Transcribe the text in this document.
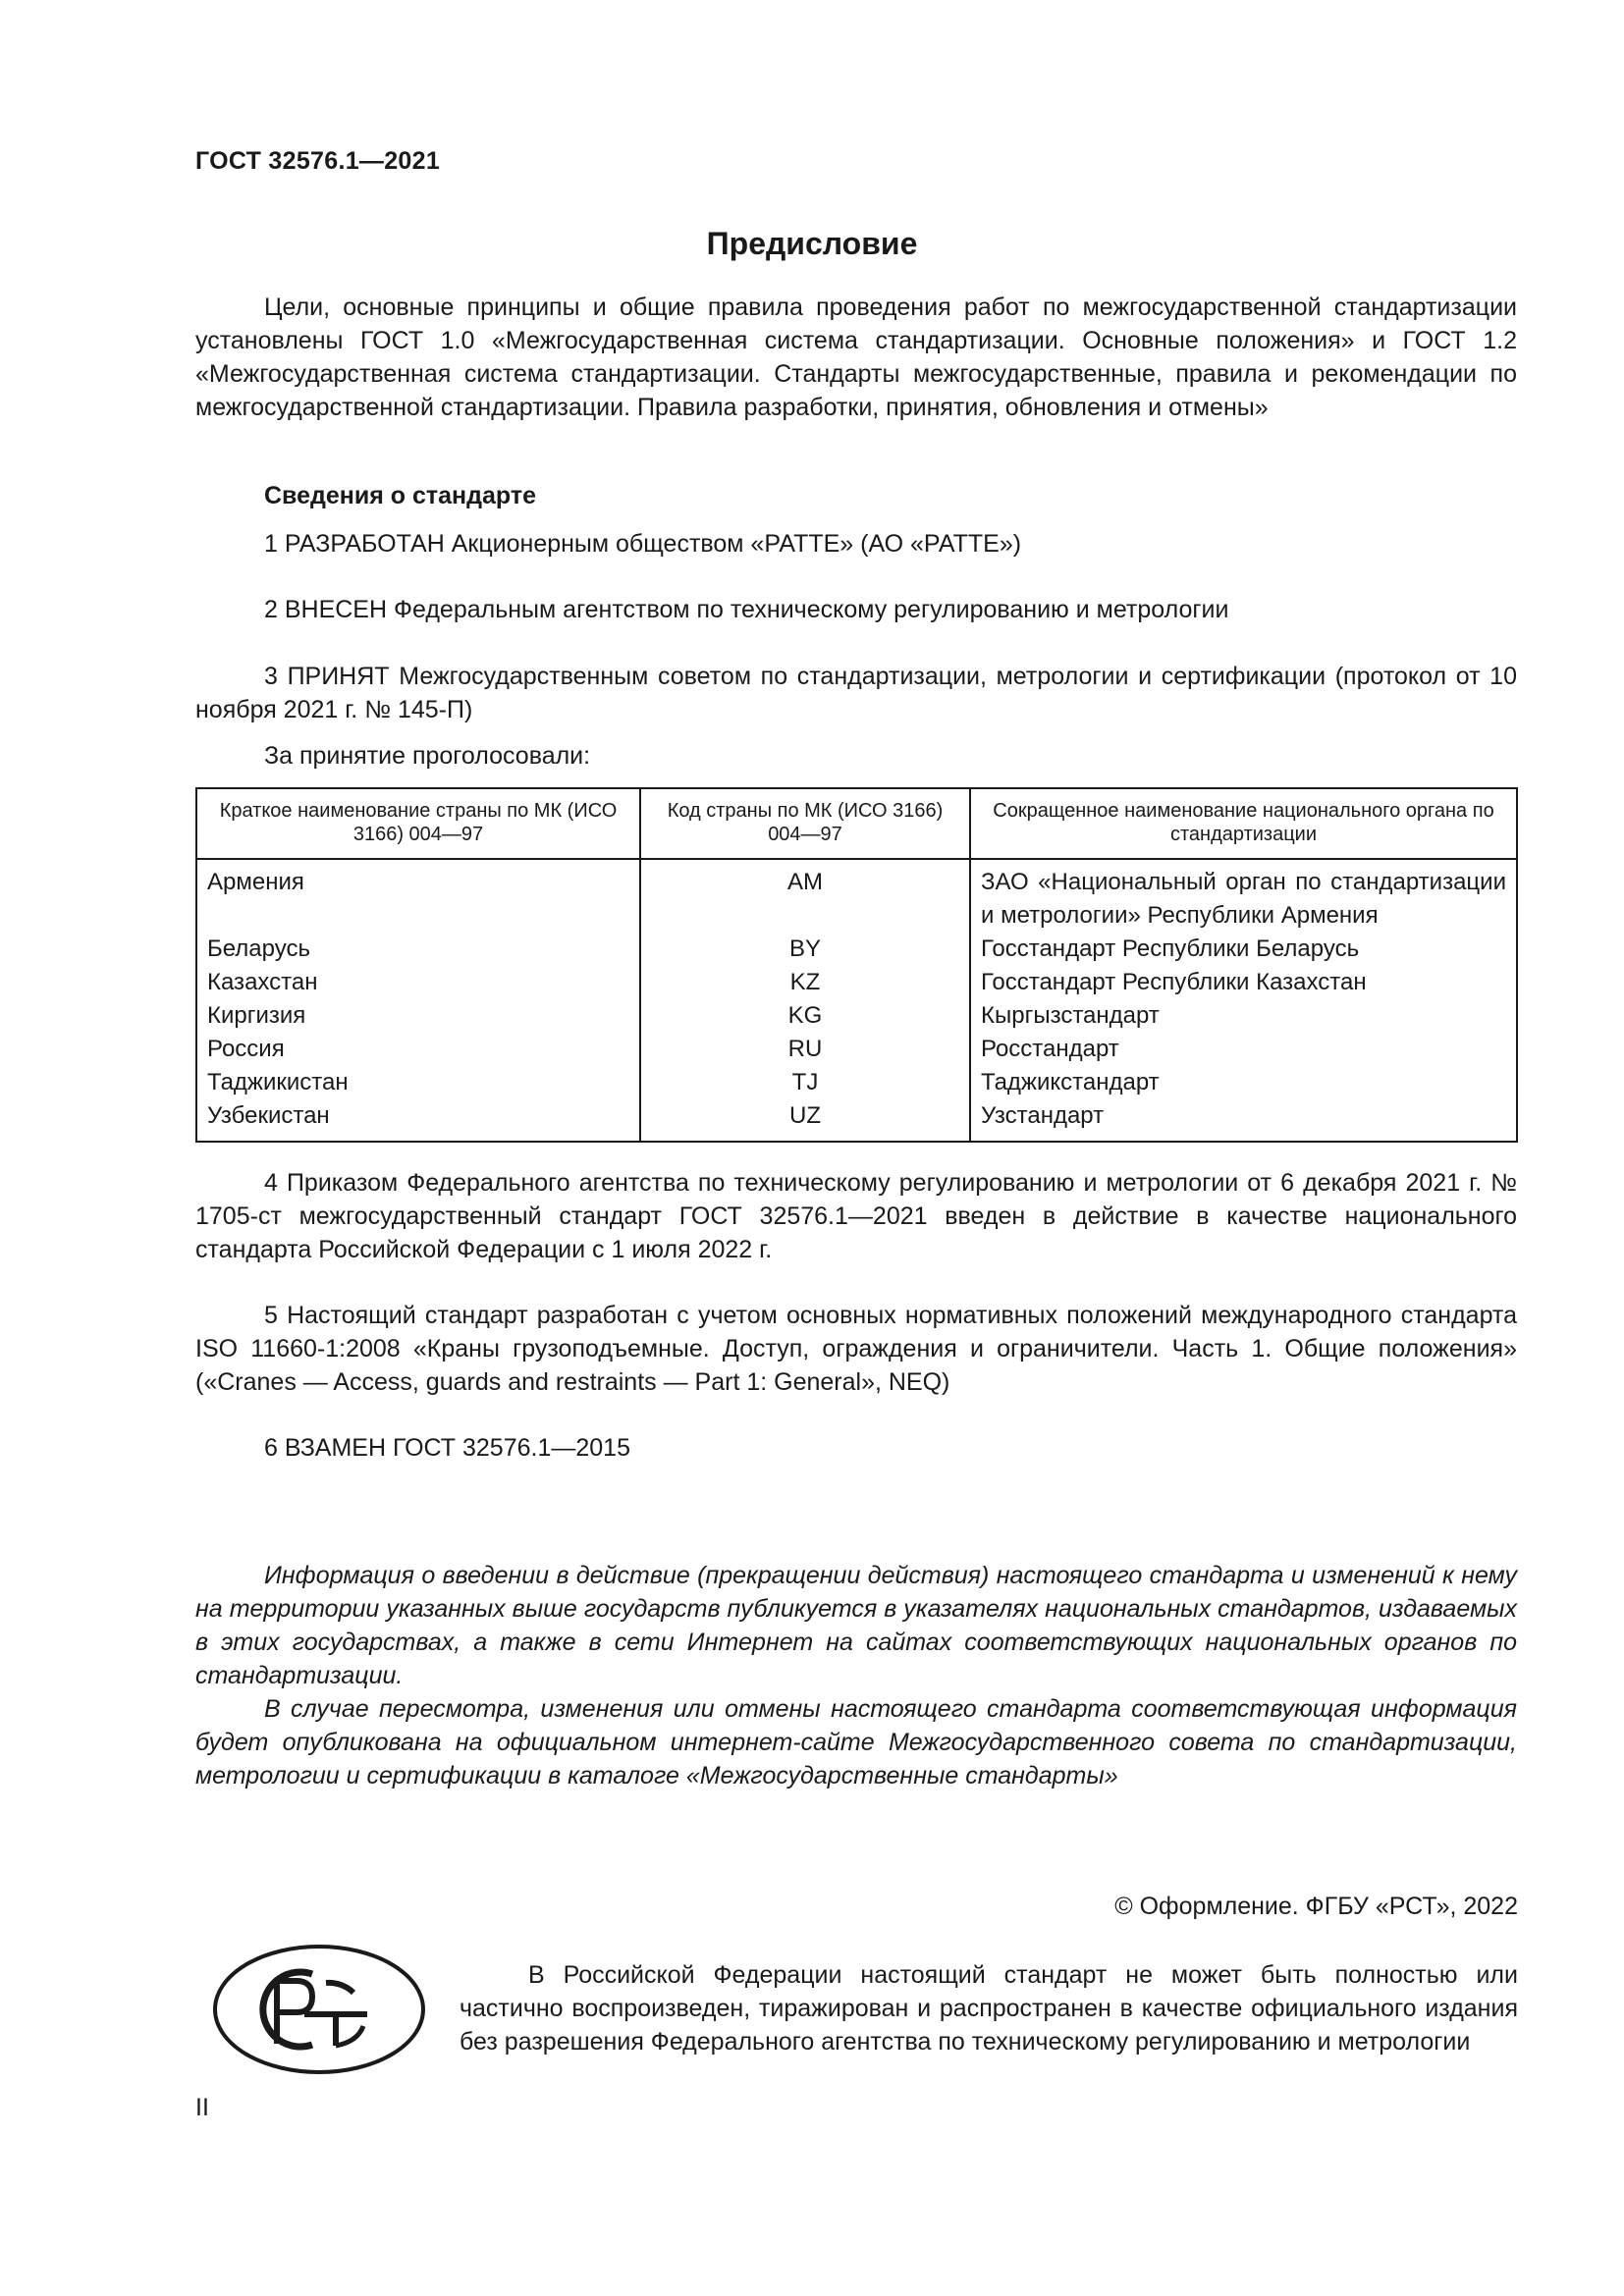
ГОСТ 32576.1—2021
Предисловие

Цели, основные принципы и общие правила проведения работ по межгосударственной стандартизации установлены ГОСТ 1.0 «Межгосударственная система стандартизации. Основные положения» и ГОСТ 1.2 «Межгосударственная система стандартизации. Стандарты межгосударственные, правила и рекомендации по межгосударственной стандартизации. Правила разработки, принятия, обновления и отмены»

Сведения о стандарте
1 РАЗРАБОТАН Акционерным обществом «РАТТЕ» (АО «РАТТЕ»)
2 ВНЕСЕН Федеральным агентством по техническому регулированию и метрологии
3 ПРИНЯТ Межгосударственным советом по стандартизации, метрологии и сертификации (протокол от 10 ноября 2021 г. № 145-П)
За принятие проголосовали:
Краткое наименование страны по МК (ИСО 3166) 004—97	Код страны по МК (ИСО 3166) 004—97	Сокращенное наименование национального органа по стандартизации
Армения	AM	ЗАО «Национальный орган по стандартизации и метрологии» Республики Армения
Беларусь	BY	Госстандарт Республики Беларусь
Казахстан	KZ	Госстандарт Республики Казахстан
Киргизия	KG	Кыргызстандарт
Россия	RU	Росстандарт
Таджикистан	TJ	Таджикстандарт
Узбекистан	UZ	Узстандарт
4 Приказом Федерального агентства по техническому регулированию и метрологии от 6 декабря 2021 г. № 1705-ст межгосударственный стандарт ГОСТ 32576.1—2021 введен в действие в качестве национального стандарта Российской Федерации с 1 июля 2022 г.
5 Настоящий стандарт разработан с учетом основных нормативных положений международного стандарта ISO 11660-1:2008 «Краны грузоподъемные. Доступ, ограждения и ограничители. Часть 1. Общие положения» («Cranes — Access, guards and restraints — Part 1: General», NEQ)
6 ВЗАМЕН ГОСТ 32576.1—2015
Информация о введении в действие (прекращении действия) настоящего стандарта и изменений к нему на территории указанных выше государств публикуется в указателях национальных стандартов, издаваемых в этих государствах, а также в сети Интернет на сайтах соответствующих национальных органов по стандартизации.
В случае пересмотра, изменения или отмены настоящего стандарта соответствующая информация будет опубликована на официальном интернет-сайте Межгосударственного совета по стандартизации, метрологии и сертификации в каталоге «Межгосударственные стандарты»
© Оформление. ФГБУ «РСТ», 2022
В Российской Федерации настоящий стандарт не может быть полностью или частично воспроизведен, тиражирован и распространен в качестве официального издания без разрешения Федерального агентства по техническому регулированию и метрологии
II
